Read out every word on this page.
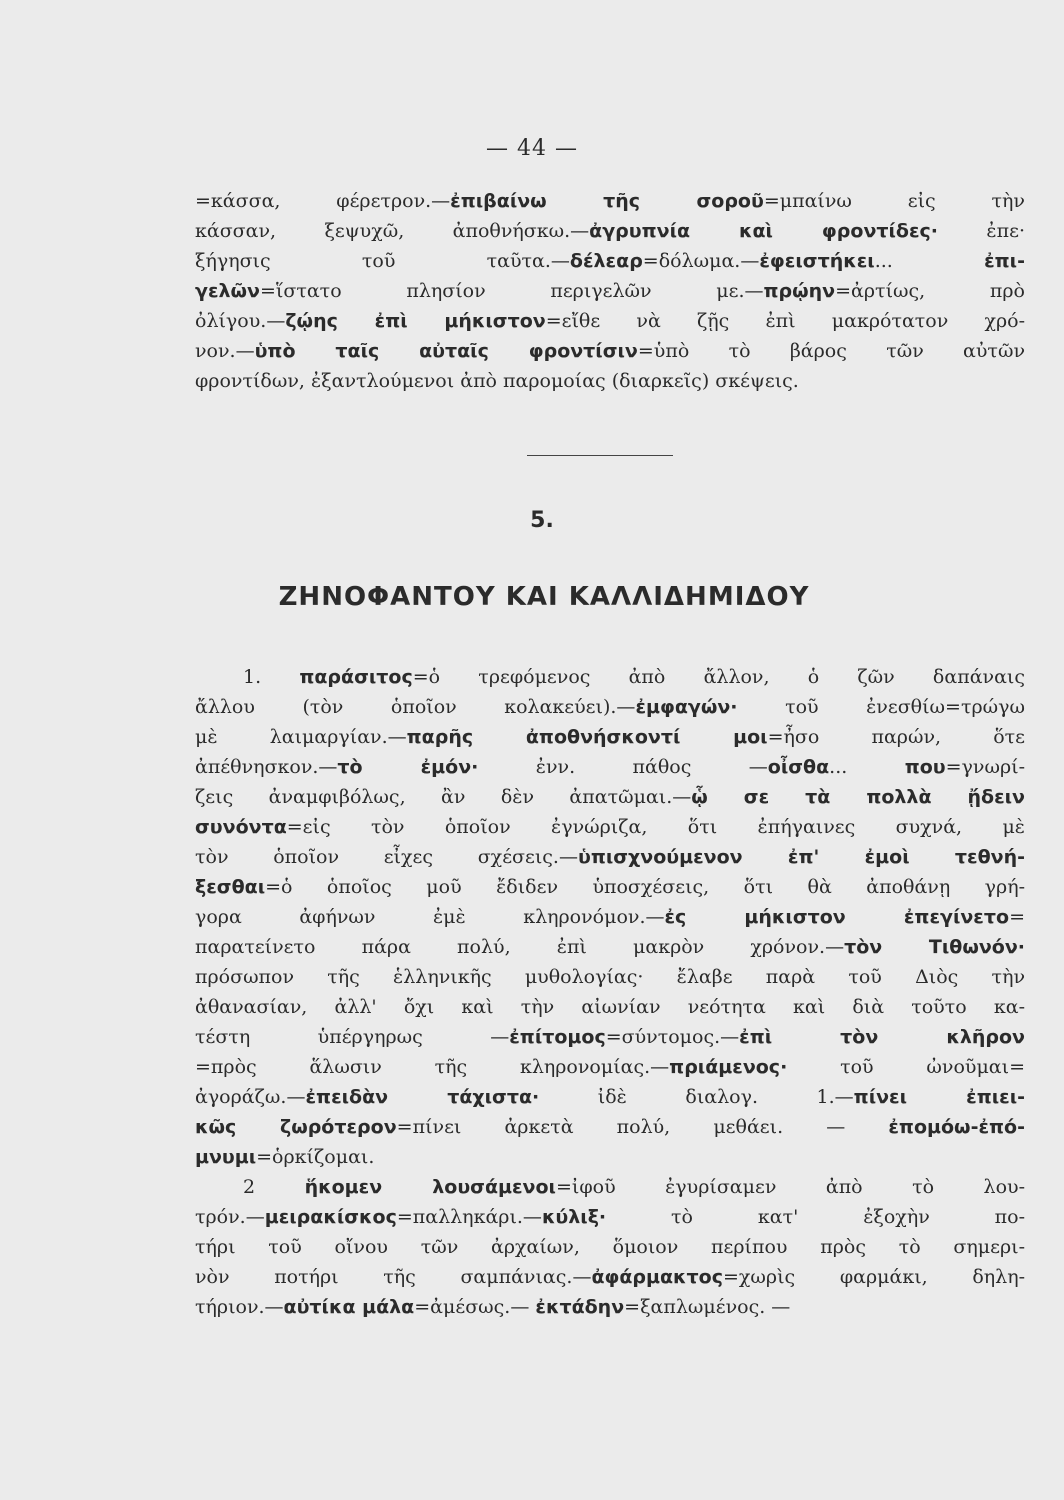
— 44 —
=κάσσα, φέρετρον.—ἐπιβαίνω τῆς σοροῦ=μπαίνω εἰς τὴν
κάσσαν, ξεψυχῶ, ἀποθνήσκω.—ἀγρυπνία καὶ φροντίδες· ἐπε·
ξήγησις τοῦ ταῦτα.—δέλεαρ=δόλωμα.—ἐφειστήκει... ἐπι-
γελῶν=ἵστατο πλησίον περιγελῶν με.—πρῴην=ἀρτίως, πρὸ
ὀλίγου.—ζῴης ἐπὶ μήκιστον=εἴθε νὰ ζῇς ἐπὶ μακρότατον χρό-
νον.—ὑπὸ ταῖς αὐταῖς φροντίσιν=ὑπὸ τὸ βάρος τῶν αὐτῶν
φροντίδων, ἐξαντλούμενοι ἀπὸ παρομοίας (διαρκεῖς) σκέψεις.
5.
ΖΗΝΟΦΑΝΤΟΥ ΚΑΙ ΚΑΛΛΙΔΗΜΙΔΟΥ
1. παράσιτος=ὁ τρεφόμενος ἀπὸ ἄλλον, ὁ ζῶν δαπάναις
ἄλλου (τὸν ὁποῖον κολακεύει).—ἐμφαγών· τοῦ ἐνεσθίω=τρώγω
μὲ λαιμαργίαν.—παρῆς ἀποθνήσκοντί μοι=ἦσο παρών, ὅτε
ἀπέθνησκον.—τὸ ἐμόν· ἐνν. πάθος —οἶσθα... που=γνωρί-
ζεις ἀναμφιβόλως, ἂν δὲν ἀπατῶμαι.—ᾧ σε τὰ πολλὰ ᾔδειν
συνόντα=εἰς τὸν ὁποῖον ἐγνώριζα, ὅτι ἐπήγαινες συχνά, μὲ
τὸν ὁποῖον εἶχες σχέσεις.—ὑπισχνούμενον ἐπ' ἐμοὶ τεθνή-
ξεσθαι=ὁ ὁποῖος μοῦ ἔδιδεν ὑποσχέσεις, ὅτι θὰ ἀποθάνῃ γρή-
γορα ἀφήνων ἐμὲ κληρονόμον.—ἐς μήκιστον ἐπεγίνετο=
παρατείνετο πάρα πολύ, ἐπὶ μακρὸν χρόνον.—τὸν Τιθωνόν·
πρόσωπον τῆς ἑλληνικῆς μυθολογίας· ἔλαβε παρὰ τοῦ Διὸς τὴν
ἀθανασίαν, ἀλλ' ὄχι καὶ τὴν αἰωνίαν νεότητα καὶ διὰ τοῦτο κα-
τέστη ὑπέργηρως —ἐπίτομος=σύντομος.—ἐπὶ τὸν κλῆρον
=πρὸς ἅλωσιν τῆς κληρονομίας.—πριάμενος· τοῦ ὠνοῦμαι=
ἀγοράζω.—ἐπειδὰν τάχιστα· ἰδὲ διαλογ. 1.—πίνει ἐπιει-
κῶς ζωρότερον=πίνει ἀρκετὰ πολύ, μεθάει. — ἐπομόω-ἐπό-
μνυμι=ὁρκίζομαι.
2 ἥκομεν λουσάμενοι=ἰφοῦ ἐγυρίσαμεν ἀπὸ τὸ λου-
τρόν.—μειρακίσκος=παλληκάρι.—κύλιξ· τὸ κατ' ἐξοχὴν πο-
τήρι τοῦ οἴνου τῶν ἀρχαίων, ὅμοιον περίπου πρὸς τὸ σημερι-
νὸν ποτήρι τῆς σαμπάνιας.—ἀφάρμακτος=χωρὶς φαρμάκι, δηλη-
τήριον.—αὐτίκα μάλα=ἀμέσως.— ἐκτάδην=ξαπλωμένος. —
